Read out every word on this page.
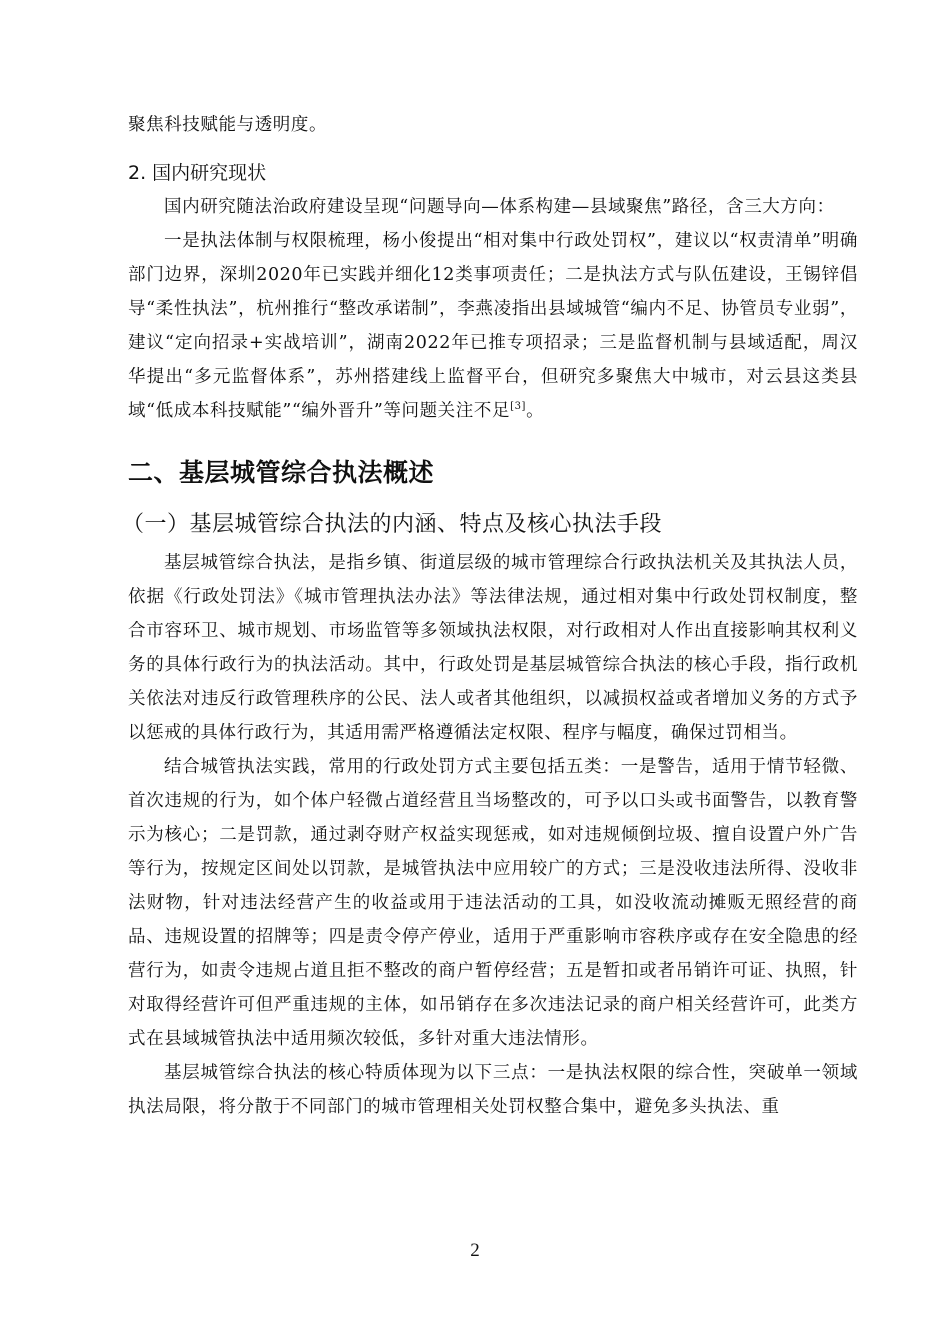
聚焦科技赋能与透明度。

2. 国内研究现状

国内研究随法治政府建设呈现“问题导向—体系构建—县域聚焦”路径，含三大方向：

一是执法体制与权限梳理，杨小俊提出“相对集中行政处罚权”，建议以“权责清单”明确部门边界，深圳2020年已实践并细化12类事项责任；二是执法方式与队伍建设，王锡锌倡导“柔性执法”，杭州推行“整改承诺制”，李燕凌指出县域城管“编内不足、协管员专业弱”，建议“定向招录+实战培训”，湖南2022年已推专项招录；三是监督机制与县域适配，周汉华提出“多元监督体系”，苏州搭建线上监督平台，但研究多聚焦大中城市，对云县这类县域“低成本科技赋能”“编外晋升”等问题关注不足[3]。

二、基层城管综合执法概述
（一）基层城管综合执法的内涵、特点及核心执法手段

基层城管综合执法，是指乡镇、街道层级的城市管理综合行政执法机关及其执法人员，依据《行政处罚法》《城市管理执法办法》等法律法规，通过相对集中行政处罚权制度，整合市容环卫、城市规划、市场监管等多领域执法权限，对行政相对人作出直接影响其权利义务的具体行政行为的执法活动。其中，行政处罚是基层城管综合执法的核心手段，指行政机关依法对违反行政管理秩序的公民、法人或者其他组织，以减损权益或者增加义务的方式予以惩戒的具体行政行为，其适用需严格遵循法定权限、程序与幅度，确保过罚相当。

结合城管执法实践，常用的行政处罚方式主要包括五类：一是警告，适用于情节轻微、首次违规的行为，如个体户轻微占道经营且当场整改的，可予以口头或书面警告，以教育警示为核心；二是罚款，通过剥夺财产权益实现惩戒，如对违规倾倒垃圾、擅自设置户外广告等行为，按规定区间处以罚款，是城管执法中应用较广的方式；三是没收违法所得、没收非法财物，针对违法经营产生的收益或用于违法活动的工具，如没收流动摊贩无照经营的商品、违规设置的招牌等；四是责令停产停业，适用于严重影响市容秩序或存在安全隐患的经营行为，如责令违规占道且拒不整改的商户暂停经营；五是暂扣或者吊销许可证、执照，针对取得经营许可但严重违规的主体，如吊销存在多次违法记录的商户相关经营许可，此类方式在县域城管执法中适用频次较低，多针对重大违法情形。

基层城管综合执法的核心特质体现为以下三点：一是执法权限的综合性，突破单一领域执法局限，将分散于不同部门的城市管理相关处罚权整合集中，避免多头执法、重

2
